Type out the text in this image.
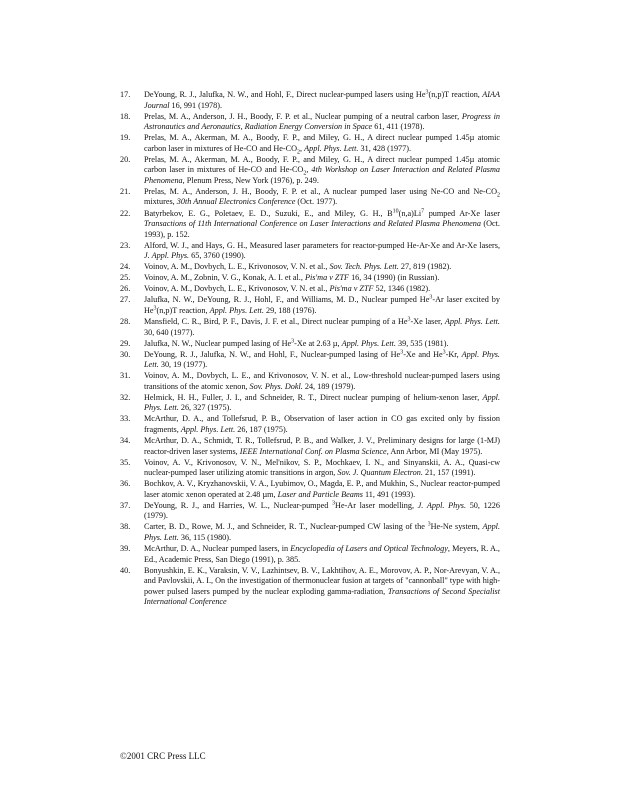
17.	DeYoung, R. J., Jalufka, N. W., and Hohl, F., Direct nuclear-pumped lasers using He$^3$(n,p)T reaction, AIAA Journal 16, 991 (1978).
18.	Prelas, M. A., Anderson, J. H., Boody, F. P. et al., Nuclear pumping of a neutral carbon laser, Progress in Astronautics and Aeronautics, Radiation Energy Conversion in Space 61, 411 (1978).
19.	Prelas, M. A., Akerman, M. A., Boody, F. P., and Miley, G. H., A direct nuclear pumped 1.45µ atomic carbon laser in mixtures of He-CO and $He-CO_2$, Appl. Phys. Lett. 31, 428 (1977).
20.	Prelas, M. A., Akerman, M. A., Boody, F. P., and Miley, G. H., A direct nuclear pumped 1.45µ atomic carbon laser in mixtures of He-CO and $He-CO_2$, 4th Workshop on Laser Interaction and Related Plasma Phenomena, Plenum Press, New York (1976), p. 249.
21.	Prelas, M. A., Anderson, J. H., Boody, F. P. et al., A nuclear pumped laser using Ne-CO and $Ne-CO_2$ mixtures, 30th Annual Electronics Conference (Oct. 1977).
22.	Batyrbekov, E. G., Poletaev, E. D., Suzuki, E., and Miley, G. H., $B^{10}(n,a)Li^7$ pumped Ar-Xe laser Transactions of 11th International Conference on Laser Interactions and Related Plasma Phenomena (Oct. 1993), p. 152.
23.	Alford, W. J., and Hays, G. H., Measured laser parameters for reactor-pumped He-Ar-Xe and Ar-Xe lasers, J. Appl. Phys. 65, 3760 (1990).
24.	Voinov, A. M., Dovbych, L. E., Krivonosov, V. N. et al., Sov. Tech. Phys. Lett. 27, 819 (1982).
25.	Voinov, A. M., Zobnin, V. G., Konak, A. I. et al., Pis'ma v ZTF 16, 34 (1990) (in Russian).
26.	Voinov, A. M., Dovbych, L. E., Krivonosov, V. N. et al., Pis'ma v ZTF 52, 1346 (1982).
27.	Jalufka, N. W., DeYoung, R. J., Hohl, F., and Williams, M. D., Nuclear pumped He$^3$-Ar laser excited by He$^3$(n,p)T reaction, Appl. Phys. Lett. 29, 188 (1976).
28.	Mansfield, C. R., Bird, P. F., Davis, J. F. et al., Direct nuclear pumping of a He$^3$-Xe laser, Appl. Phys. Lett. 30, 640 (1977).
29.	Jalufka, N. W., Nuclear pumped lasing of He$^3$-Xe at 2.63 µ, Appl. Phys. Lett. 39, 535 (1981).
30.	DeYoung, R. J., Jalufka, N. W., and Hohl, F., Nuclear-pumped lasing of He$^3$-Xe and He$^3$-Kr, Appl. Phys. Lett. 30, 19 (1977).
31.	Voinov, A. M., Dovbych, L. E., and Krivonosov, V. N. et al., Low-threshold nuclear-pumped lasers using transitions of the atomic xenon, Sov. Phys. Dokl. 24, 189 (1979).
32.	Helmick, H. H., Fuller, J. I., and Schneider, R. T., Direct nuclear pumping of helium-xenon laser, Appl. Phys. Lett. 26, 327 (1975).
33.	McArthur, D. A., and Tollefsrud, P. B., Observation of laser action in CO gas excited only by fission fragments, Appl. Phys. Lett. 26, 187 (1975).
34.	McArthur, D. A., Schmidt, T. R., Tollefsrud, P. B., and Walker, J. V., Preliminary designs for large (1-MJ) reactor-driven laser systems, IEEE International Conf. on Plasma Science, Ann Arbor, MI (May 1975).
35.	Voinov, A. V., Krivonosov, V. N., Mel'nikov, S. P., Mochkaev, I. N., and Sinyanskii, A. A., Quasi-cw nuclear-pumped laser utilizing atomic transitions in argon, Sov. J. Quantum Electron. 21, 157 (1991).
36.	Bochkov, A. V., Kryzhanovskii, V. A., Lyubimov, O., Magda, E. P., and Mukhin, S., Nuclear reactor-pumped laser atomic xenon operated at 2.48 µm, Laser and Particle Beams 11, 491 (1993).
37.	DeYoung, R. J., and Harries, W. L., Nuclear-pumped $^3$He-Ar laser modelling, J. Appl. Phys. 50, 1226 (1979).
38.	Carter, B. D., Rowe, M. J., and Schneider, R. T., Nuclear-pumped CW lasing of the $^3$He-Ne system, Appl. Phys. Lett. 36, 115 (1980).
39.	McArthur, D. A., Nuclear pumped lasers, in Encyclopedia of Lasers and Optical Technology, Meyers, R. A., Ed., Academic Press, San Diego (1991), p. 385.
40.	Bonyushkin, E. K., Varaksin, V. V., Lazhintsev, B. V., Lakhtihov, A. E., Morovov, A. P., Nor-Arevyan, V. A., and Pavlovskii, A. I., On the investigation of thermonuclear fusion at targets of "cannonball" type with high-power pulsed lasers pumped by the nuclear exploding gamma-radiation, Transactions of Second Specialist International Conference
©2001 CRC Press LLC
